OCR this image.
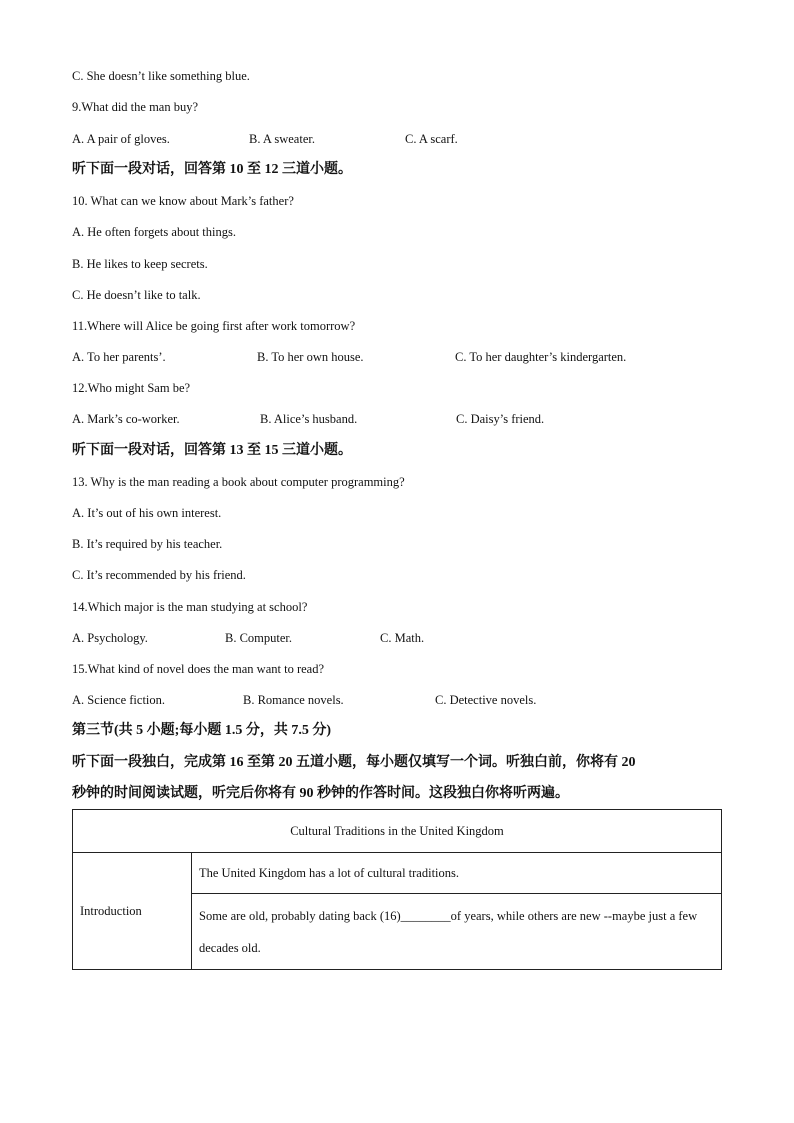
C. She doesn’t like something blue.
9.What did the man buy?
A. A pair of gloves.	B. A sweater.	C. A scarf.
听下面一段对话，回答第 10 至 12 三道小题。
10. What can we know about Mark’s father?
A. He often forgets about things.
B. He likes to keep secrets.
C. He doesn’t like to talk.
11.Where will Alice be going first after work tomorrow?
A. To her parents’.	B. To her own house.	C. To her daughter’s kindergarten.
12.Who might Sam be?
A. Mark’s co-worker.	B. Alice’s husband.	C. Daisy’s friend.
听下面一段对话，回答第 13 至 15 三道小题。
13. Why is the man reading a book about computer programming?
A. It’s out of his own interest.
B. It’s required by his teacher.
C. It’s recommended by his friend.
14.Which major is the man studying at school?
A. Psychology.	B. Computer.	C. Math.
15.What kind of novel does the man want to read?
A. Science fiction.	B. Romance novels.	C. Detective novels.
第三节(共 5 小题;每小题 1.5 分，共 7.5 分)
听下面一段独白，完成第 16 至第 20 五道小题，每小题仅填写一个词。听独白前，你将有 20
秒钟的时间阅读试题，听完后你将有 90 秒钟的作答时间。这段独白你将听两遍。
Cultural Traditions in the United Kingdom
Introduction	The United Kingdom has a lot of cultural traditions.
Some are old, probably dating back (16)________of years, while others are new --maybe just a few decades old.
